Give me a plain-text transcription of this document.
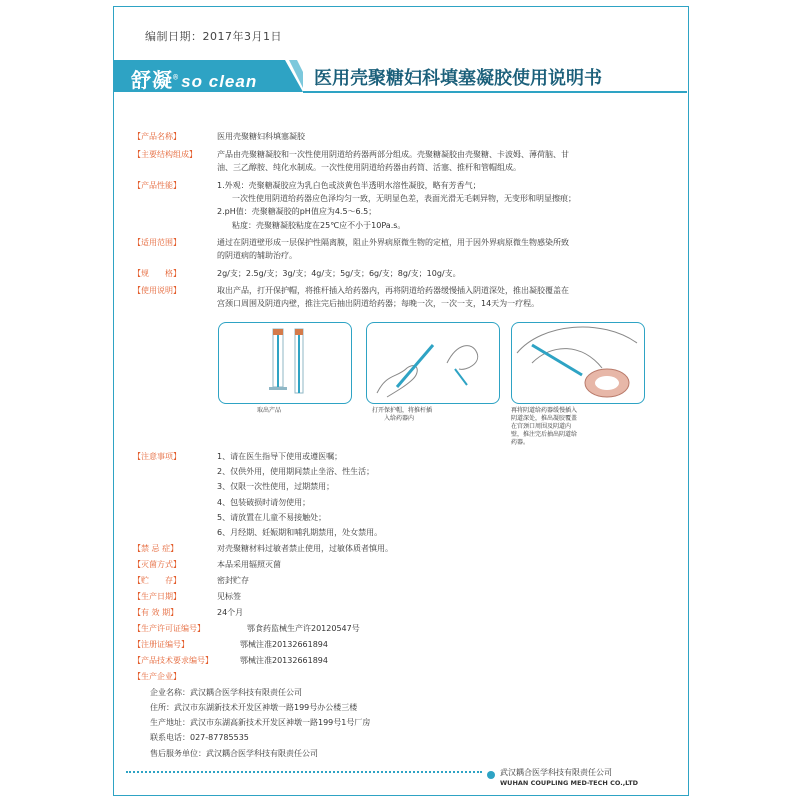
编制日期：2017年3月1日
舒凝® so clean	医用壳聚糖妇科填塞凝胶使用说明书
【产品名称】	医用壳聚糖妇科填塞凝胶
【主要结构组成】	产品由壳聚糖凝胶和一次性使用阴道给药器两部分组成。壳聚糖凝胶由壳聚糖、卡波姆、薄荷脑、甘
油、三乙醇胺、纯化水制成。一次性使用阴道给药器由药筒、活塞、推杆和管帽组成。
【产品性能】	1.外观：壳聚糖凝胶应为乳白色或淡黄色半透明水溶性凝胶，略有芳香气；
一次性使用阴道给药器应色泽均匀一致，无明显色差，表面光滑无毛刺异物，无变形和明显擦痕；
2.pH值：壳聚糖凝胶的pH值应为4.5～6.5；
粘度：壳聚糖凝胶粘度在25℃应不小于10Pa.s。
【适用范围】	通过在阴道壁形成一层保护性隔离膜，阻止外界病原微生物的定植，用于因外界病原微生物感染所致
的阴道病的辅助治疗。
【规　　格】	2g/支；2.5g/支；3g/支；4g/支；5g/支；6g/支；8g/支；10g/支。
【使用说明】	取出产品，打开保护帽，将推杆插入给药器内，再将阴道给药器缓慢插入阴道深处，推出凝胶覆盖在
宫颈口周围及阴道内壁，推注完后抽出阴道给药器；每晚一次，一次一支，14天为一疗程。
取出产品	打开保护帽，将推杆插
入给药器内
再将阴道给药器缓慢插入
阴道深处，推出凝胶覆盖
在宫颈口周围及阴道内
壁，推注完后抽出阴道给
药器。
【注意事项】	1、请在医生指导下使用或遵医嘱；
2、仅供外用，使用期间禁止坐浴、性生活；
3、仅限一次性使用，过期禁用；
4、包装破损时请勿使用；
5、请放置在儿童不易接触处；
6、月经期、妊娠期和哺乳期禁用，处女禁用。
【禁 忌 症】	对壳聚糖材料过敏者禁止使用，过敏体质者慎用。
【灭菌方式】	本品采用辐照灭菌
【贮　　存】	密封贮存
【生产日期】	见标签
【有 效 期】	24个月
【生产许可证编号】	鄂食药监械生产许20120547号
【注册证编号】	鄂械注准20132661894
【产品技术要求编号】	鄂械注准20132661894
【生产企业】
企业名称：武汉耦合医学科技有限责任公司
住所：武汉市东湖新技术开发区神墩一路199号办公楼三楼
生产地址：武汉市东湖高新技术开发区神墩一路199号1号厂房
联系电话：027-87785535
售后服务单位：武汉耦合医学科技有限责任公司
武汉耦合医学科技有限责任公司
WUHAN COUPLING MED-TECH CO.,LTD
